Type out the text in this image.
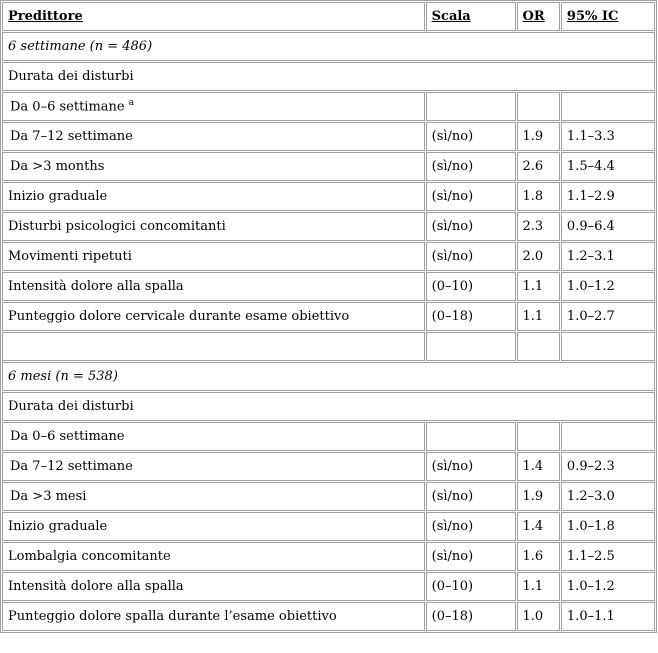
Predittore	Scala	OR	95% IC
6 settimane (n = 486)			
Durata dei disturbi			
Da 0–6 settimane $^a$			
Da 7–12 settimane	(sì/no)	1.9	1.1–3.3
Da >3 months	(sì/no)	2.6	1.5–4.4
Inizio graduale	(sì/no)	1.8	1.1–2.9
Disturbi psicologici concomitanti	(sì/no)	2.3	0.9–6.4
Movimenti ripetuti	(sì/no)	2.0	1.2–3.1
Intensità dolore alla spalla	(0–10)	1.1	1.0–1.2
Punteggio dolore cervicale durante esame obiettivo	(0–18)	1.1	1.0–2.7

6 mesi (n = 538)			
Durata dei disturbi			
Da 0–6 settimane			
Da 7–12 settimane	(sì/no)	1.4	0.9–2.3
Da >3 mesi	(sì/no)	1.9	1.2–3.0
Inizio graduale	(sì/no)	1.4	1.0–1.8
Lombalgia concomitante	(sì/no)	1.6	1.1–2.5
Intensità dolore alla spalla	(0–10)	1.1	1.0–1.2
Punteggio dolore spalla durante l’esame obiettivo	(0–18)	1.0	1.0–1.1
